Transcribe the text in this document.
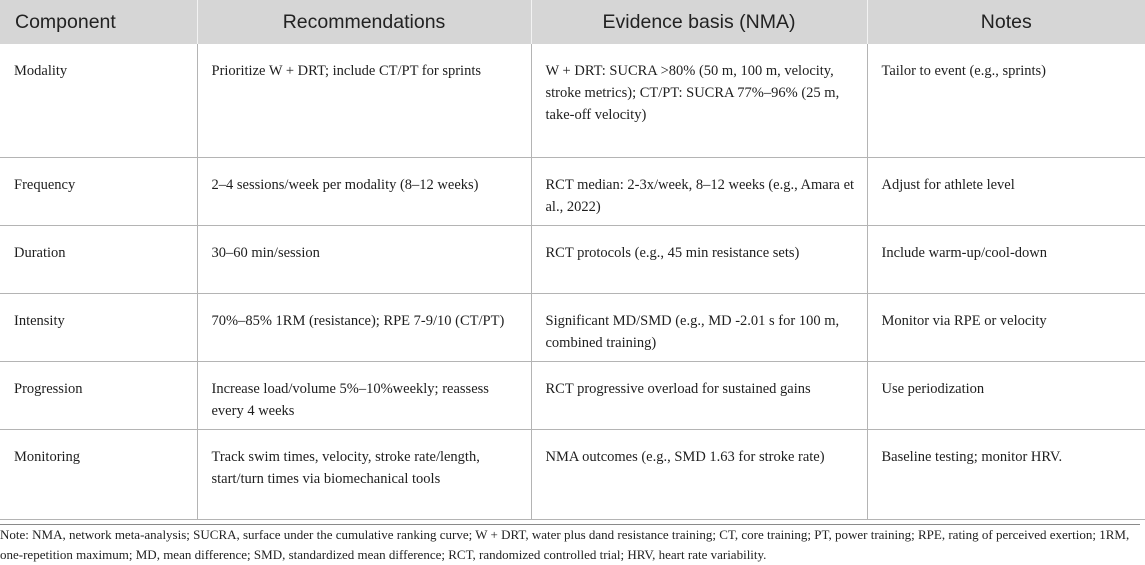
Component	Recommendations	Evidence basis (NMA)	Notes
Modality	Prioritize W + DRT; include CT/PT for sprints	W + DRT: SUCRA >80% (50 m, 100 m, velocity, stroke metrics); CT/PT: SUCRA 77%–96% (25 m, take-off velocity)	Tailor to event (e.g., sprints)
Frequency	2–4 sessions/week per modality (8–12 weeks)	RCT median: 2-3x/week, 8–12 weeks (e.g., Amara et al., 2022)	Adjust for athlete level
Duration	30–60 min/session	RCT protocols (e.g., 45 min resistance sets)	Include warm-up/cool-down
Intensity	70%–85% 1RM (resistance); RPE 7-9/10 (CT/PT)	Significant MD/SMD (e.g., MD -2.01 s for 100 m, combined training)	Monitor via RPE or velocity
Progression	Increase load/volume 5%–10%weekly; reassess every 4 weeks	RCT progressive overload for sustained gains	Use periodization
Monitoring	Track swim times, velocity, stroke rate/length, start/turn times via biomechanical tools	NMA outcomes (e.g., SMD 1.63 for stroke rate)	Baseline testing; monitor HRV.
Note: NMA, network meta-analysis; SUCRA, surface under the cumulative ranking curve; W + DRT, water plus dand resistance training; CT, core training; PT, power training; RPE, rating of perceived exertion; 1RM, one-repetition maximum; MD, mean difference; SMD, standardized mean difference; RCT, randomized controlled trial; HRV, heart rate variability.
